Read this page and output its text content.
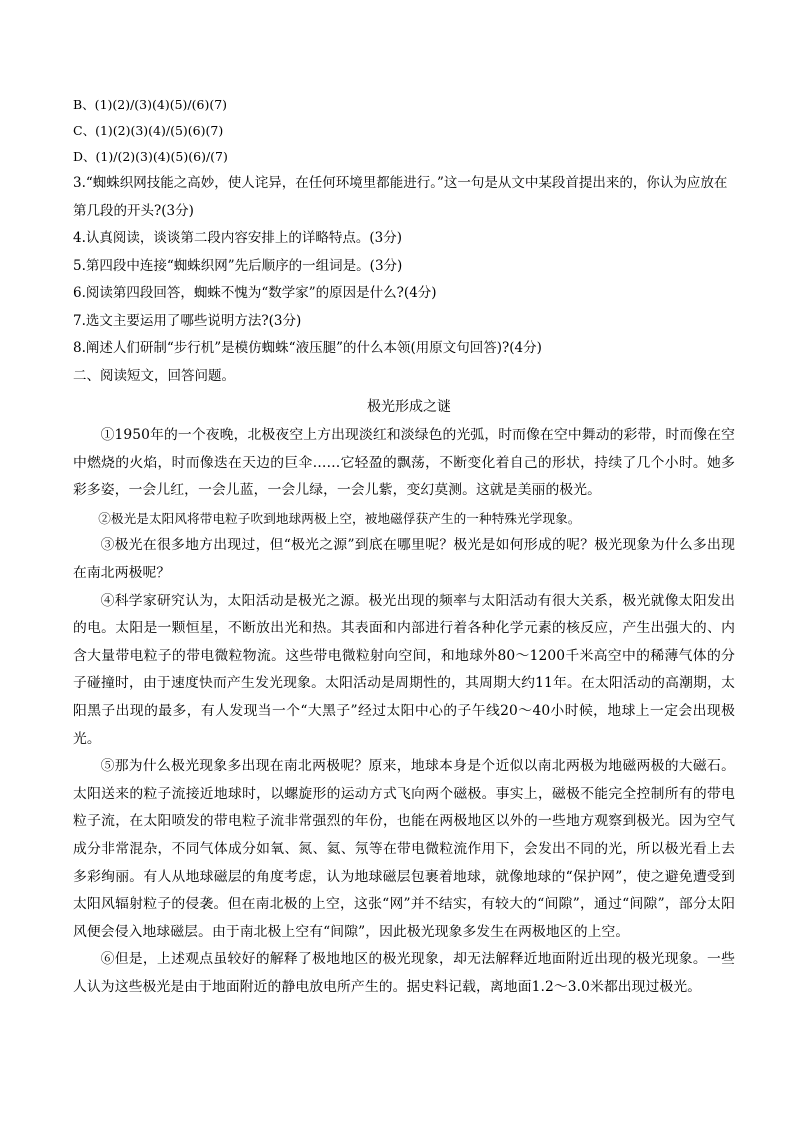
B、(1)(2)/(3)(4)(5)/(6)(7)
C、(1)(2)(3)(4)/(5)(6)(7)
D、(1)/(2)(3)(4)(5)(6)/(7)

3.“蜘蛛织网技能之高妙，使人诧异，在任何环境里都能进行。”这一句是从文中某段首提出来的，你认为应放在第几段的开头?(3分)

4.认真阅读，谈谈第二段内容安排上的详略特点。(3分)

5.第四段中连接“蜘蛛织网”先后顺序的一组词是。(3分)

6.阅读第四段回答，蜘蛛不愧为“数学家”的原因是什么?(4分)

7.选文主要运用了哪些说明方法?(3分)

8.阐述人们研制“步行机”是模仿蜘蛛“液压腿”的什么本领(用原文句回答)?(4分)

二、阅读短文，回答问题。

极光形成之谜

①1950年的一个夜晚，北极夜空上方出现淡红和淡绿色的光弧，时而像在空中舞动的彩带，时而像在空中燃烧的火焰，时而像迭在天边的巨伞……它轻盈的飘荡，不断变化着自己的形状，持续了几个小时。她多彩多姿，一会儿红，一会儿蓝，一会儿绿，一会儿紫，变幻莫测。这就是美丽的极光。

②极光是太阳风将带电粒子吹到地球两极上空，被地磁俘获产生的一种特殊光学现象。

③极光在很多地方出现过，但“极光之源”到底在哪里呢？极光是如何形成的呢？极光现象为什么多出现在南北两极呢？

④科学家研究认为，太阳活动是极光之源。极光出现的频率与太阳活动有很大关系，极光就像太阳发出的电。太阳是一颗恒星，不断放出光和热。其表面和内部进行着各种化学元素的核反应，产生出强大的、内含大量带电粒子的带电微粒物流。这些带电微粒射向空间，和地球外80～1200千米高空中的稀薄气体的分子碰撞时，由于速度快而产生发光现象。太阳活动是周期性的，其周期大约11年。在太阳活动的高潮期，太阳黑子出现的最多，有人发现当一个“大黑子”经过太阳中心的子午线20～40小时候，地球上一定会出现极光。

⑤那为什么极光现象多出现在南北两极呢？原来，地球本身是个近似以南北两极为地磁两极的大磁石。太阳送来的粒子流接近地球时，以螺旋形的运动方式飞向两个磁极。事实上，磁极不能完全控制所有的带电粒子流，在太阳喷发的带电粒子流非常强烈的年份，也能在两极地区以外的一些地方观察到极光。因为空气成分非常混杂，不同气体成分如氧、氮、氦、氖等在带电微粒流作用下，会发出不同的光，所以极光看上去多彩绚丽。有人从地球磁层的角度考虑，认为地球磁层包裹着地球，就像地球的“保护网”，使之避免遭受到太阳风辐射粒子的侵袭。但在南北极的上空，这张“网”并不结实，有较大的“间隙”，通过“间隙”，部分太阳风便会侵入地球磁层。由于南北极上空有“间隙”，因此极光现象多发生在两极地区的上空。

⑥但是，上述观点虽较好的解释了极地地区的极光现象，却无法解释近地面附近出现的极光现象。一些人认为这些极光是由于地面附近的静电放电所产生的。据史料记载，离地面1.2～3.0米都出现过极光。
